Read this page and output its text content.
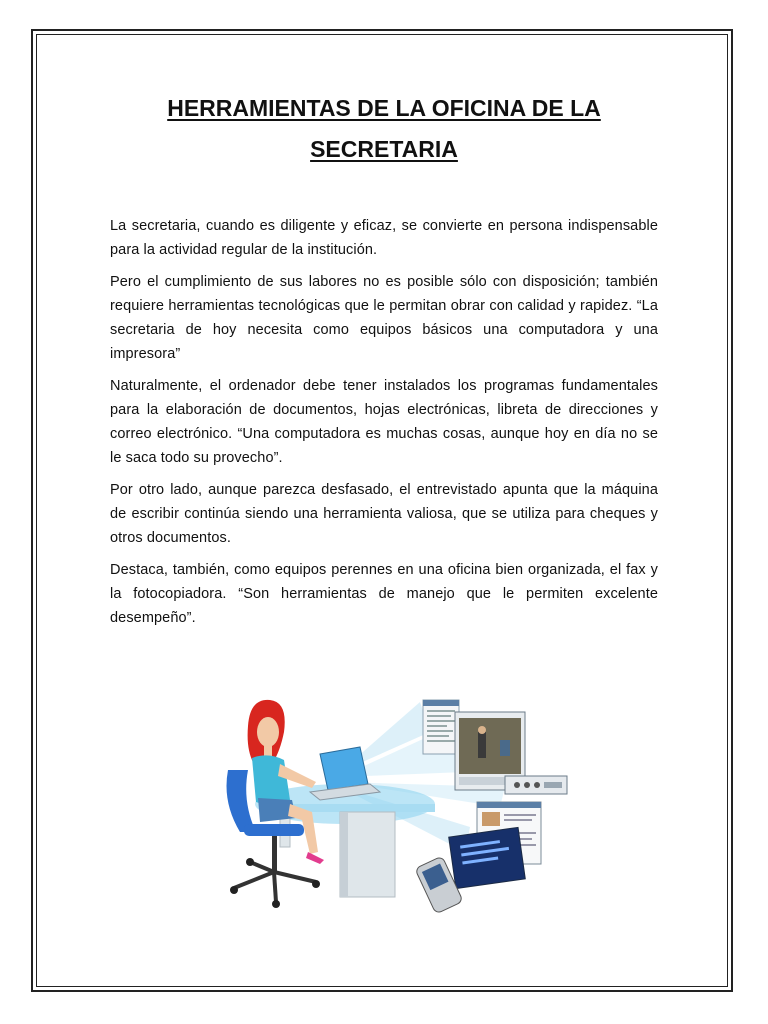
HERRAMIENTAS DE LA OFICINA DE LA SECRETARIA

La secretaria, cuando es diligente y eficaz, se convierte en persona indispensable para la actividad regular de la institución.

Pero el cumplimiento de sus labores no es posible sólo con disposición; también requiere herramientas tecnológicas que le permitan obrar con calidad y rapidez. “La secretaria de hoy necesita como equipos básicos una computadora y una impresora”

Naturalmente, el ordenador debe tener instalados los programas fundamentales para la elaboración de documentos, hojas electrónicas, libreta de direcciones y correo electrónico. “Una computadora es muchas cosas, aunque hoy en día no se le saca todo su provecho”.

Por otro lado, aunque parezca desfasado, el entrevistado apunta que la máquina de escribir continúa siendo una herramienta valiosa, que se utiliza para cheques y otros documentos.

Destaca, también, como equipos perennes en una oficina bien organizada, el fax y la fotocopiadora. “Son herramientas de manejo que le permiten excelente desempeño”.
